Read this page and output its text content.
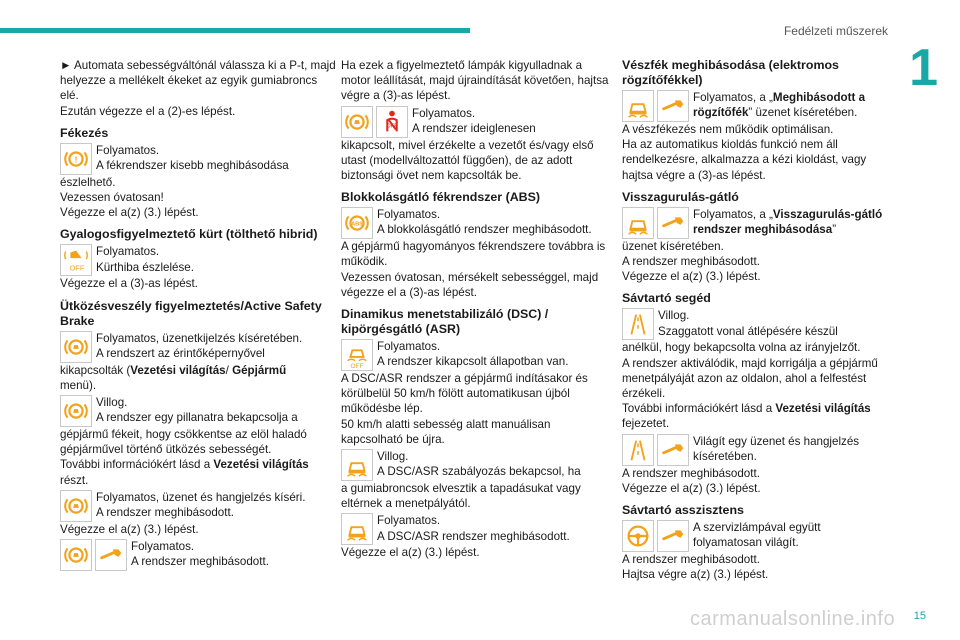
Fedélzeti műszerek
1
15
carmanualsonline.info

► Automata sebességváltónál válassza ki a P-t, majd helyezze a mellékelt ékeket az egyik gumiabroncs elé.

Ezután végezze el a (2)-es lépést.

Fékezés
!
Folyamatos.
A fékrendszer kisebb meghibásodása

észlelhető.

Vezessen óvatosan!

Végezze el a(z) (3.) lépést.

Gyalogosfigyelmeztető kürt (tölthető hibrid)
OFF
Folyamatos.
Kürthiba észlelése.

Végezze el a (3)-as lépést.

Ütközésveszély figyelmeztetés/Active Safety Brake
Folyamatos, üzenetkijelzés kíséretében.
A rendszert az érintőképernyővel

kikapcsolták (Vezetési világítás/ Gépjármű

menü).

Villog.
A rendszer egy pillanatra bekapcsolja a

gépjármű fékeit, hogy csökkentse az elöl haladó gépjárművel történő ütközés sebességét.

További információkért lásd a Vezetési világítás

részt.

Folyamatos, üzenet és hangjelzés kíséri.
A rendszer meghibásodott.

Végezze el a(z) (3.) lépést.

Folyamatos.
A rendszer meghibásodott.

Ha ezek a figyelmeztető lámpák kigyulladnak a motor leállítását, majd újraindítását követően, hajtsa végre a (3)-as lépést.

OFF
Folyamatos.
A rendszer ideiglenesen

kikapcsolt, mivel érzékelte a vezetőt és/vagy első utast (modellváltozattól függően), de az adott biztonsági övet nem kapcsolták be.

Blokkolásgátló fékrendszer (ABS)
ABS
Folyamatos.
A blokkolásgátló rendszer meghibásodott.

A gépjármű hagyományos fékrendszere továbbra is működik.

Vezessen óvatosan, mérsékelt sebességgel, majd végezze el a (3)-as lépést.

Dinamikus menetstabilizáló (DSC) / kipörgésgátló (ASR)
OFF
Folyamatos.
A rendszer kikapcsolt állapotban van.

A DSC/ASR rendszer a gépjármű indításakor és körülbelül 50 km/h fölött automatikusan újból működésbe lép.

50 km/h alatti sebesség alatt manuálisan kapcsolható be újra.

Villog.
A DSC/ASR szabályozás bekapcsol, ha

a gumiabroncsok elvesztik a tapadásukat vagy eltérnek a menetpályától.

Folyamatos.
A DSC/ASR rendszer meghibásodott.

Végezze el a(z) (3.) lépést.

Vészfék meghibásodása (elektromos rögzítőfékkel)
Folyamatos, a „Meghibásodott a rögzítőfék” üzenet kíséretében.

A vészfékezés nem működik optimálisan.

Ha az automatikus kioldás funkció nem áll rendelkezésre, alkalmazza a kézi kioldást, vagy hajtsa végre a (3)-as lépést.

Visszagurulás-gátló
Folyamatos, a „Visszagurulás-gátló rendszer meghibásodása”

üzenet kíséretében.

A rendszer meghibásodott.

Végezze el a(z) (3.) lépést.

Sávtartó segéd
Villog.
Szaggatott vonal átlépésére készül

anélkül, hogy bekapcsolta volna az irányjelzőt.

A rendszer aktiválódik, majd korrigálja a gépjármű menetpályáját azon az oldalon, ahol a felfestést érzékeli.

További információkért lásd a Vezetési világítás

fejezetet.

Világít egy üzenet és hangjelzés
kíséretében.

A rendszer meghibásodott.

Végezze el a(z) (3.) lépést.

Sávtartó asszisztens
A szervizlámpával együtt
folyamatosan világít.

A rendszer meghibásodott.

Hajtsa végre a(z) (3.) lépést.
